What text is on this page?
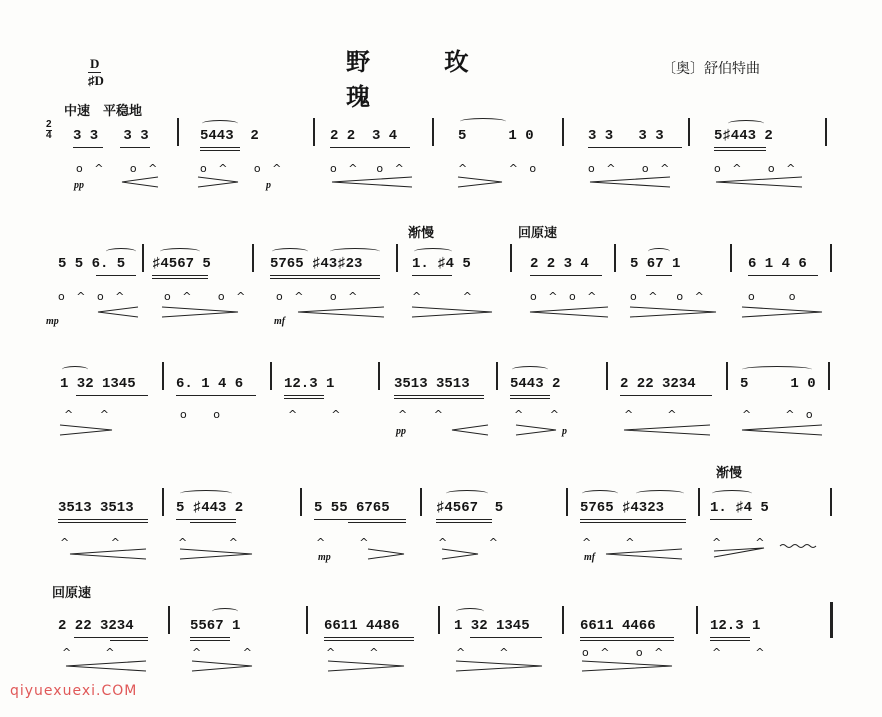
D
♯D
野 玫 瑰
〔奥〕舒伯特曲
中速　平稳地
2
4
渐慢	回原速
渐慢
回原速
3 3   3 3	5443  2	2 2  3 4	5     1 0	3 3   3 3	5♯443 2
o ^   o ^	o ^   o ^	o ^  o ^	^     ^ o	o ^   o ^	o ^   o ^
pp	p
5 5 6. 5 ♯4567 5	5765 ♯43♯23	1. ♯4 5	2 2 3 4	5 67 1	6 1 4 6
o ^ o ^	o ^   o ^ o ^   o ^	^     ^	o ^ o ^	o ^  o ^	o    o
mp	mf
1 32 1345	6. 1 4 6	12.3 1	3513 3513	5443 2	2 22 3234	5     1 0
^   ^	o   o	^    ^	^   ^	^   ^	^    ^	^    ^ o
pp	p
3513 3513	5 ♯443 2	5 55 6765	♯4567  5	5765 ♯4323	1. ♯4 5
^     ^	^     ^	^    ^	^     ^	^    ^	^    ^
mp	mf
2 22 3234	5567 1	6611 4486	1 32 1345	6611 4466	12.3 1
^    ^	^     ^	^    ^	^    ^	o ^   o ^	^    ^
qiyuexuexi.COM
